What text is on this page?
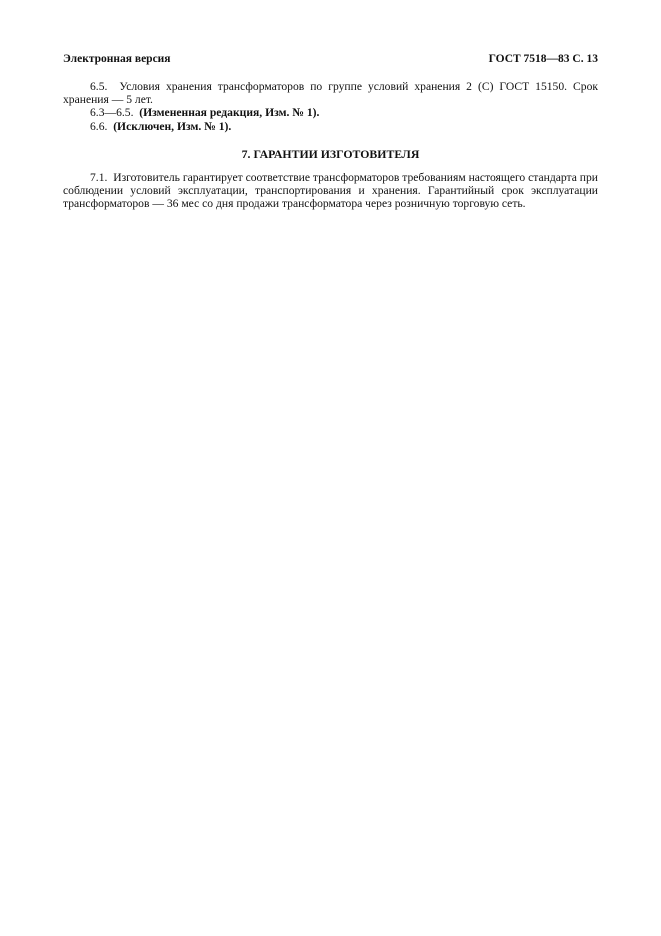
Электронная версия	ГОСТ 7518—83 С. 13

6.5. Условия хранения трансформаторов по группе условий хранения 2 (С) ГОСТ 15150. Срок хранения — 5 лет.

6.3—6.5. (Измененная редакция, Изм. № 1).

6.6. (Исключен, Изм. № 1).

7. ГАРАНТИИ ИЗГОТОВИТЕЛЯ

7.1. Изготовитель гарантирует соответствие трансформаторов требованиям настоящего стандарта при соблюдении условий эксплуатации, транспортирования и хранения. Гарантийный срок эксплуатации трансформаторов — 36 мес со дня продажи трансформатора через розничную торговую сеть.
